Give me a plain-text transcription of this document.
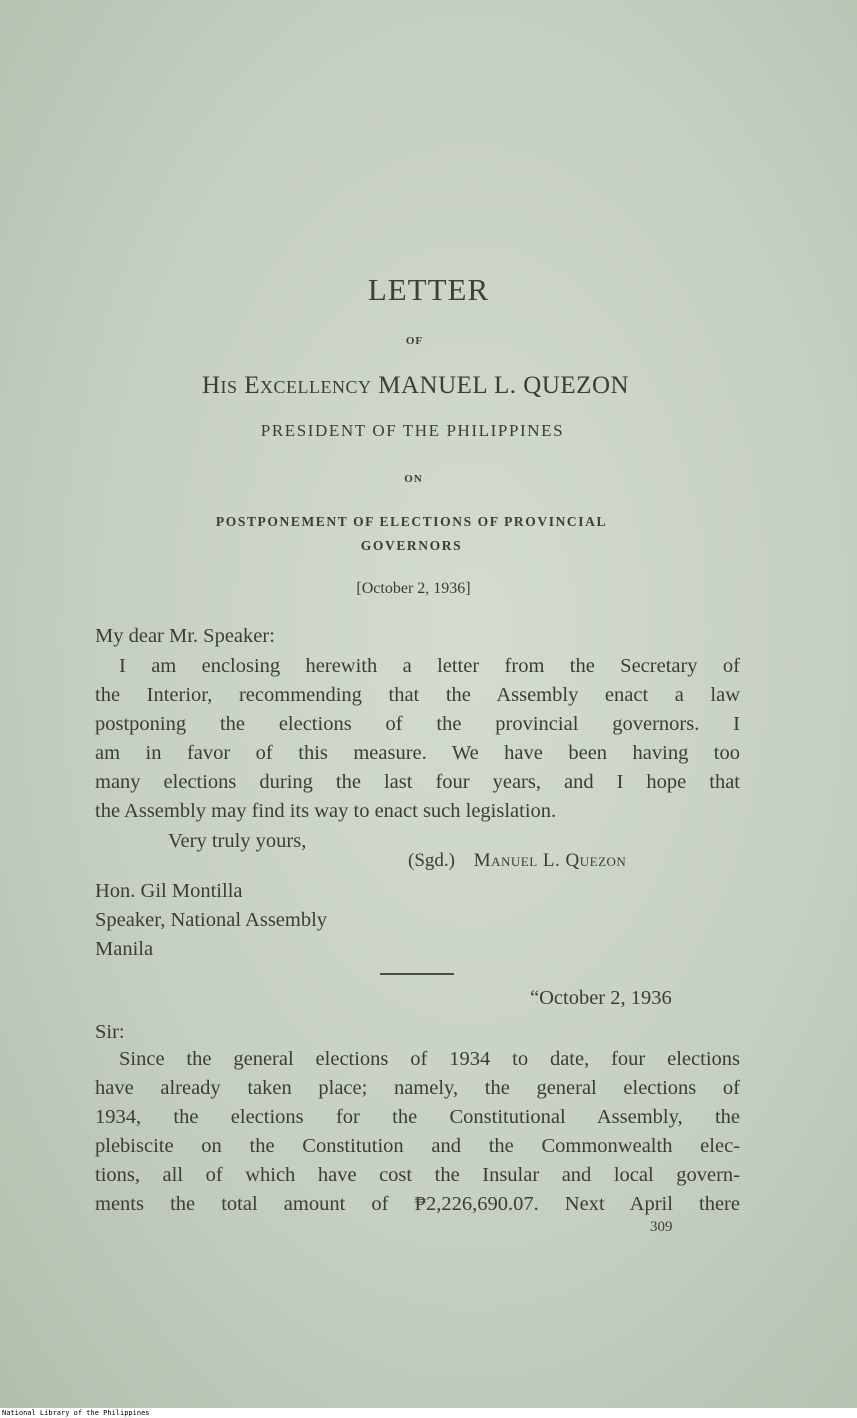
LETTER
OF
His Excellency MANUEL L. QUEZON
PRESIDENT OF THE PHILIPPINES
ON
POSTPONEMENT OF ELECTIONS OF PROVINCIAL
GOVERNORS
[October 2, 1936]
My dear Mr. Speaker:
I am enclosing herewith a letter from the Secretary of
the Interior, recommending that the Assembly enact a law
postponing the elections of the provincial governors. I
am in favor of this measure. We have been having too
many elections during the last four years, and I hope that
the Assembly may find its way to enact such legislation.
Very truly yours,
(Sgd.) Manuel L. Quezon
Hon. Gil Montilla
Speaker, National Assembly
Manila
“October 2, 1936
Sir:
Since the general elections of 1934 to date, four elections
have already taken place; namely, the general elections of
1934, the elections for the Constitutional Assembly, the
plebiscite on the Constitution and the Commonwealth elec-
tions, all of which have cost the Insular and local govern-
ments the total amount of ₱2,226,690.07. Next April there
309
National Library of the Philippines
